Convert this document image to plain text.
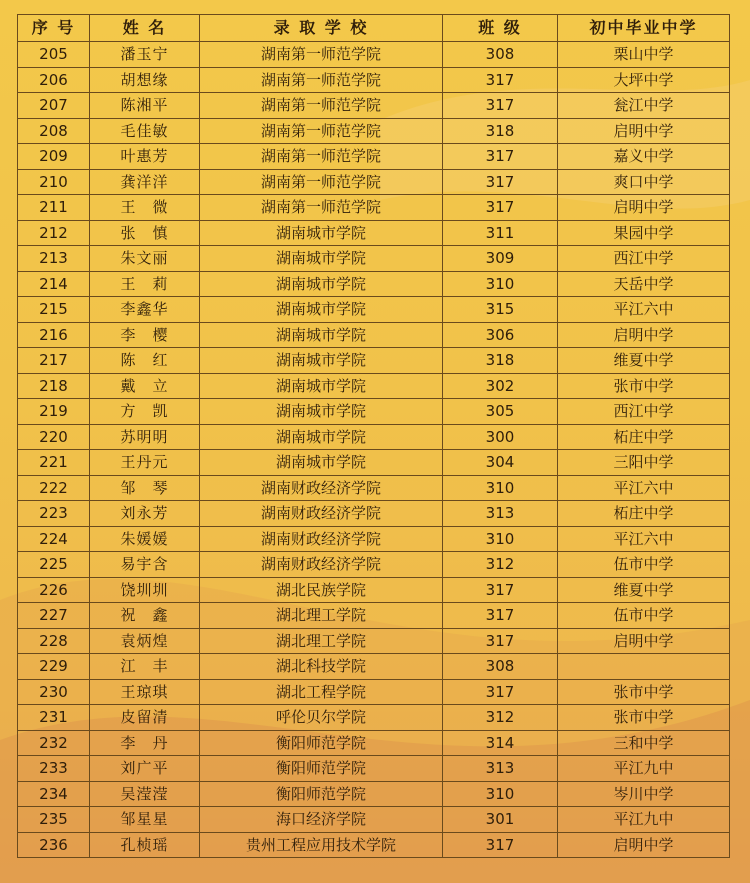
序 号	姓 名	录 取 学 校	班 级	初中毕业中学
205	潘玉宁	湖南第一师范学院	308	栗山中学
206	胡想缘	湖南第一师范学院	317	大坪中学
207	陈湘平	湖南第一师范学院	317	瓮江中学
208	毛佳敏	湖南第一师范学院	318	启明中学
209	叶惠芳	湖南第一师范学院	317	嘉义中学
210	龚洋洋	湖南第一师范学院	317	爽口中学
211	王　微	湖南第一师范学院	317	启明中学
212	张　慎	湖南城市学院	311	果园中学
213	朱文丽	湖南城市学院	309	西江中学
214	王　莉	湖南城市学院	310	天岳中学
215	李鑫华	湖南城市学院	315	平江六中
216	李　樱	湖南城市学院	306	启明中学
217	陈　红	湖南城市学院	318	维夏中学
218	戴　立	湖南城市学院	302	张市中学
219	方　凯	湖南城市学院	305	西江中学
220	苏明明	湖南城市学院	300	柘庄中学
221	王丹元	湖南城市学院	304	三阳中学
222	邹　琴	湖南财政经济学院	310	平江六中
223	刘永芳	湖南财政经济学院	313	柘庄中学
224	朱媛媛	湖南财政经济学院	310	平江六中
225	易宇含	湖南财政经济学院	312	伍市中学
226	饶圳圳	湖北民族学院	317	维夏中学
227	祝　鑫	湖北理工学院	317	伍市中学
228	袁炳煌	湖北理工学院	317	启明中学
229	江　丰	湖北科技学院	308	
230	王琼琪	湖北工程学院	317	张市中学
231	皮留清	呼伦贝尔学院	312	张市中学
232	李　丹	衡阳师范学院	314	三和中学
233	刘广平	衡阳师范学院	313	平江九中
234	吴滢滢	衡阳师范学院	310	岑川中学
235	邹星星	海口经济学院	301	平江九中
236	孔桢瑶	贵州工程应用技术学院	317	启明中学
